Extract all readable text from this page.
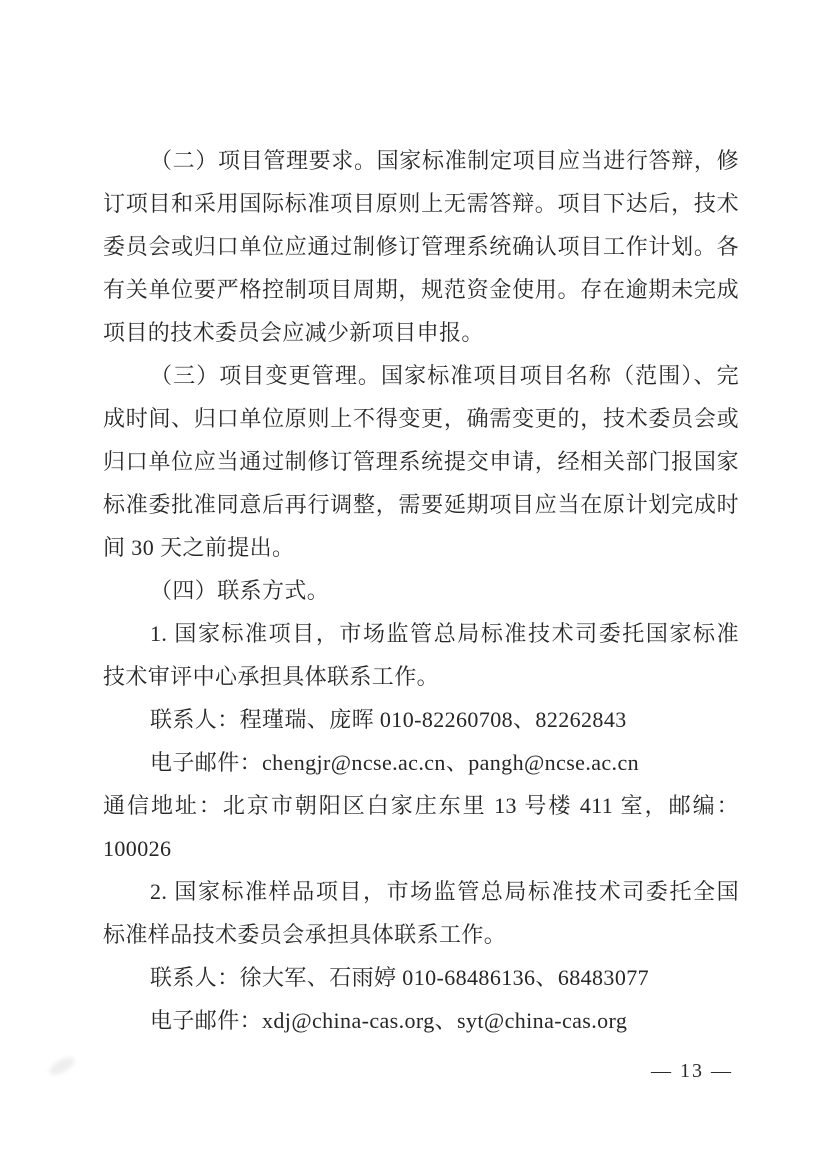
（二）项目管理要求。国家标准制定项目应当进行答辩，修
订项目和采用国际标准项目原则上无需答辩。项目下达后，技术
委员会或归口单位应通过制修订管理系统确认项目工作计划。各
有关单位要严格控制项目周期，规范资金使用。存在逾期未完成
项目的技术委员会应减少新项目申报。
（三）项目变更管理。国家标准项目项目名称（范围）、完
成时间、归口单位原则上不得变更，确需变更的，技术委员会或
归口单位应当通过制修订管理系统提交申请，经相关部门报国家
标准委批准同意后再行调整，需要延期项目应当在原计划完成时
间 30 天之前提出。
（四）联系方式。
1. 国家标准项目，市场监管总局标准技术司委托国家标准
技术审评中心承担具体联系工作。
联系人：程瑾瑞、庞晖 010-82260708、82262843
电子邮件：chengjr@ncse.ac.cn、pangh@ncse.ac.cn
通信地址：北京市朝阳区白家庄东里 13 号楼 411 室，邮编：
100026
2. 国家标准样品项目，市场监管总局标准技术司委托全国
标准样品技术委员会承担具体联系工作。
联系人：徐大军、石雨婷 010-68486136、68483077
电子邮件：xdj@china-cas.org、syt@china-cas.org
— 13 —
